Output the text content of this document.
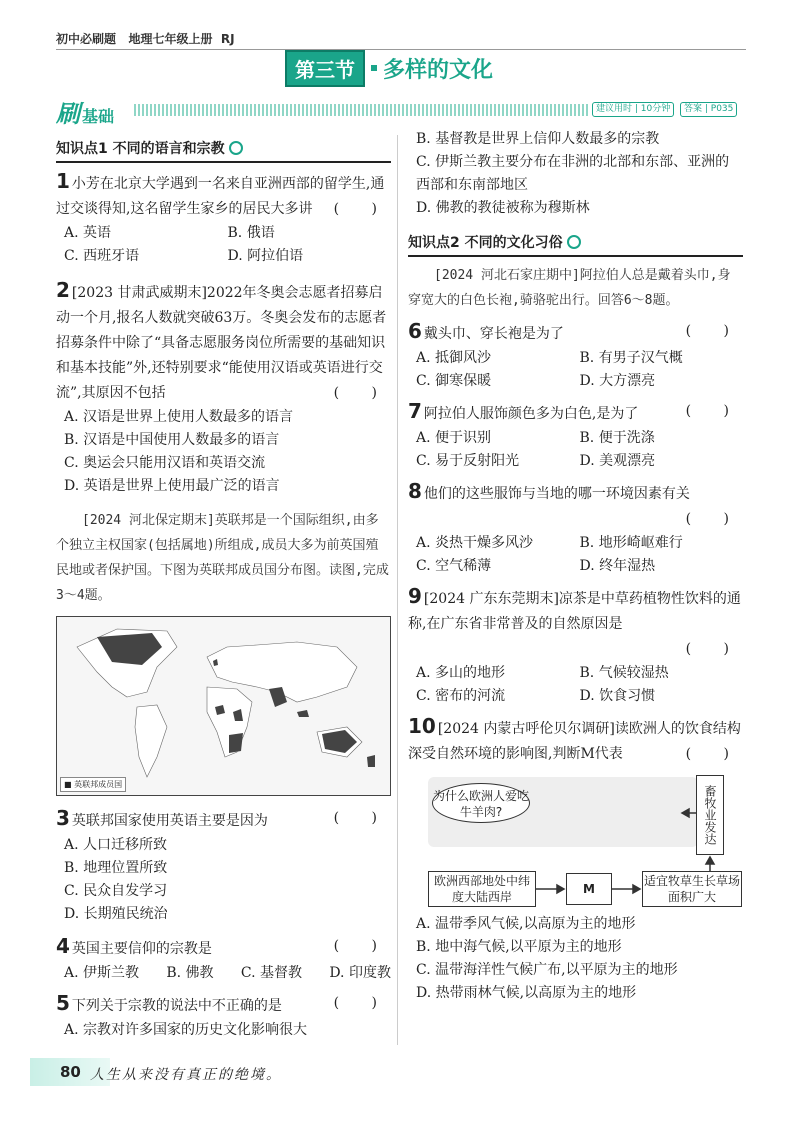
初中必刷题   地理七年级上册  RJ
第三节	多样的文化
刷 基础	建议用时 | 10分钟	答案 | P035
知识点1 不同的语言和宗教
1 小芳在北京大学遇到一名来自亚洲西部的留学生,通过交谈得知,这名留学生家乡的居民大多讲 ( )
A. 英语	B. 俄语
C. 西班牙语	D. 阿拉伯语
2 [2023 甘肃武威期末]2022年冬奥会志愿者招募启动一个月,报名人数就突破63万。冬奥会发布的志愿者招募条件中除了“具备志愿服务岗位所需要的基础知识和基本技能”外,还特别要求“能使用汉语或英语进行交流”,其原因不包括	( )
A. 汉语是世界上使用人数最多的语言
B. 汉语是中国使用人数最多的语言
C. 奥运会只能用汉语和英语交流
D. 英语是世界上使用最广泛的语言
[2024 河北保定期末]英联邦是一个国际组织,由多个独立主权国家(包括属地)所组成,成员大多为前英国殖民地或者保护国。下图为英联邦成员国分布图。读图,完成3～4题。
■ 英联邦成员国
3 英联邦国家使用英语主要是因为	( )
A. 人口迁移所致
B. 地理位置所致
C. 民众自发学习
D. 长期殖民统治
4 英国主要信仰的宗教是	( )
A. 伊斯兰教 B. 佛教 C. 基督教 D. 印度教
5 下列关于宗教的说法中不正确的是	( )
A. 宗教对许多国家的历史文化影响很大
B. 基督教是世界上信仰人数最多的宗教
C. 伊斯兰教主要分布在非洲的北部和东部、亚洲的西部和东南部地区
D. 佛教的教徒被称为穆斯林
知识点2 不同的文化习俗
[2024 河北石家庄期中]阿拉伯人总是戴着头巾,身穿宽大的白色长袍,骑骆驼出行。回答6～8题。
6 戴头巾、穿长袍是为了	( )
A. 抵御风沙	B. 有男子汉气概
C. 御寒保暖	D. 大方漂亮
7 阿拉伯人服饰颜色多为白色,是为了	( )
A. 便于识别	B. 便于洗涤
C. 易于反射阳光	D. 美观漂亮
8 他们的这些服饰与当地的哪一环境因素有关
( )
A. 炎热干燥多风沙	B. 地形崎岖难行
C. 空气稀薄	D. 终年湿热
9 [2024 广东东莞期末]凉茶是中草药植物性饮料的通称,在广东省非常普及的自然原因是
( )
A. 多山的地形	B. 气候较湿热
C. 密布的河流	D. 饮食习惯
10 [2024 内蒙古呼伦贝尔调研]读欧洲人的饮食结构深受自然环境的影响图,判断M代表	( )
为什么欧洲人爱吃牛羊肉?	畜牧业发达
欧洲西部地处中纬度大陆西岸
M
适宜牧草生长草场面积广大
A. 温带季风气候,以高原为主的地形
B. 地中海气候,以平原为主的地形
C. 温带海洋性气候广布,以平原为主的地形
D. 热带雨林气候,以高原为主的地形
80 人生从来没有真正的绝境。
